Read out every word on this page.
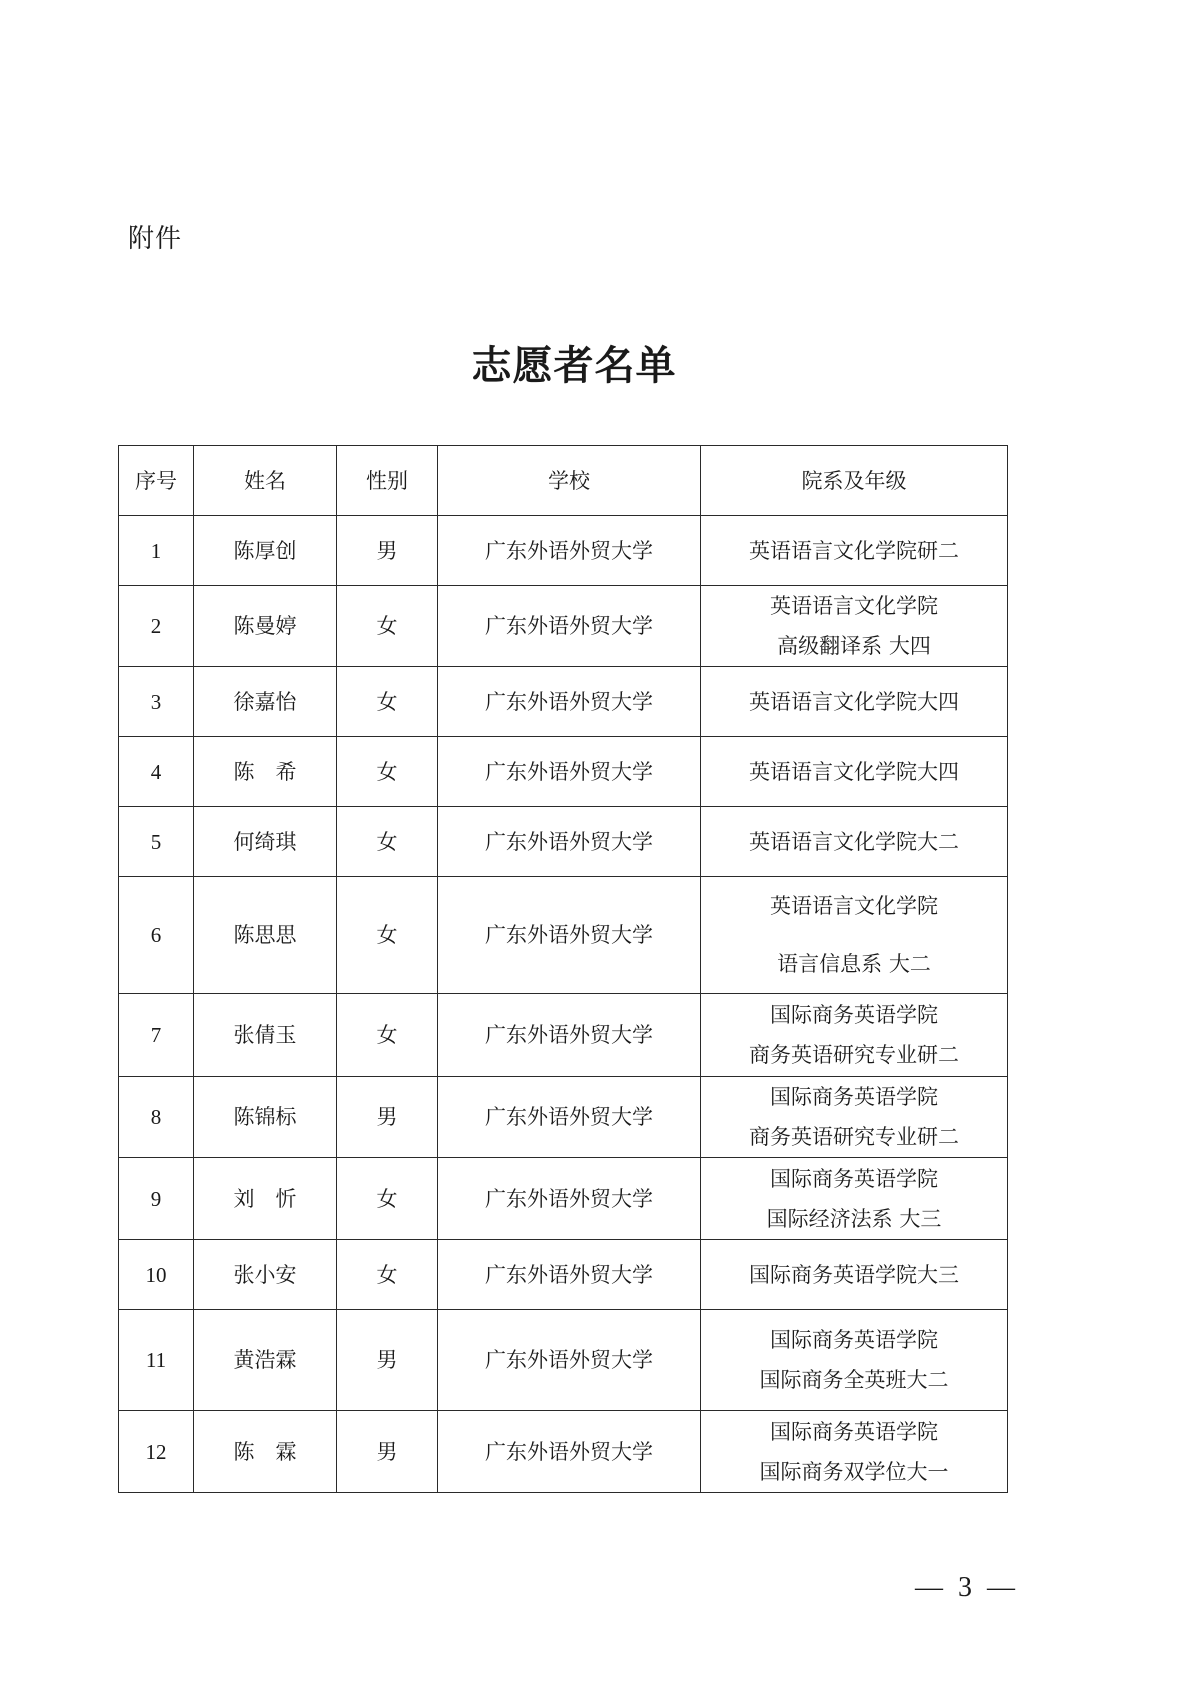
附件
志愿者名单
序号	姓名	性别	学校	院系及年级
1	陈厚创	男	广东外语外贸大学	英语语言文化学院研二

2	陈曼婷	女	广东外语外贸大学	英语语言文化学院
高级翻译系 大四

3	徐嘉怡	女	广东外语外贸大学	英语语言文化学院大四

4	陈　希	女	广东外语外贸大学	英语语言文化学院大四

5	何绮琪	女	广东外语外贸大学	英语语言文化学院大二

6	陈思思	女	广东外语外贸大学	英语语言文化学院
语言信息系 大二

7	张倩玉	女	广东外语外贸大学	国际商务英语学院
商务英语研究专业研二

8	陈锦标	男	广东外语外贸大学	国际商务英语学院
商务英语研究专业研二

9	刘　忻	女	广东外语外贸大学	国际商务英语学院
国际经济法系 大三

10	张小安	女	广东外语外贸大学	国际商务英语学院大三

11	黄浩霖	男	广东外语外贸大学	国际商务英语学院
国际商务全英班大二

12	陈　霖	男	广东外语外贸大学	国际商务英语学院
国际商务双学位大一
— 3 —
